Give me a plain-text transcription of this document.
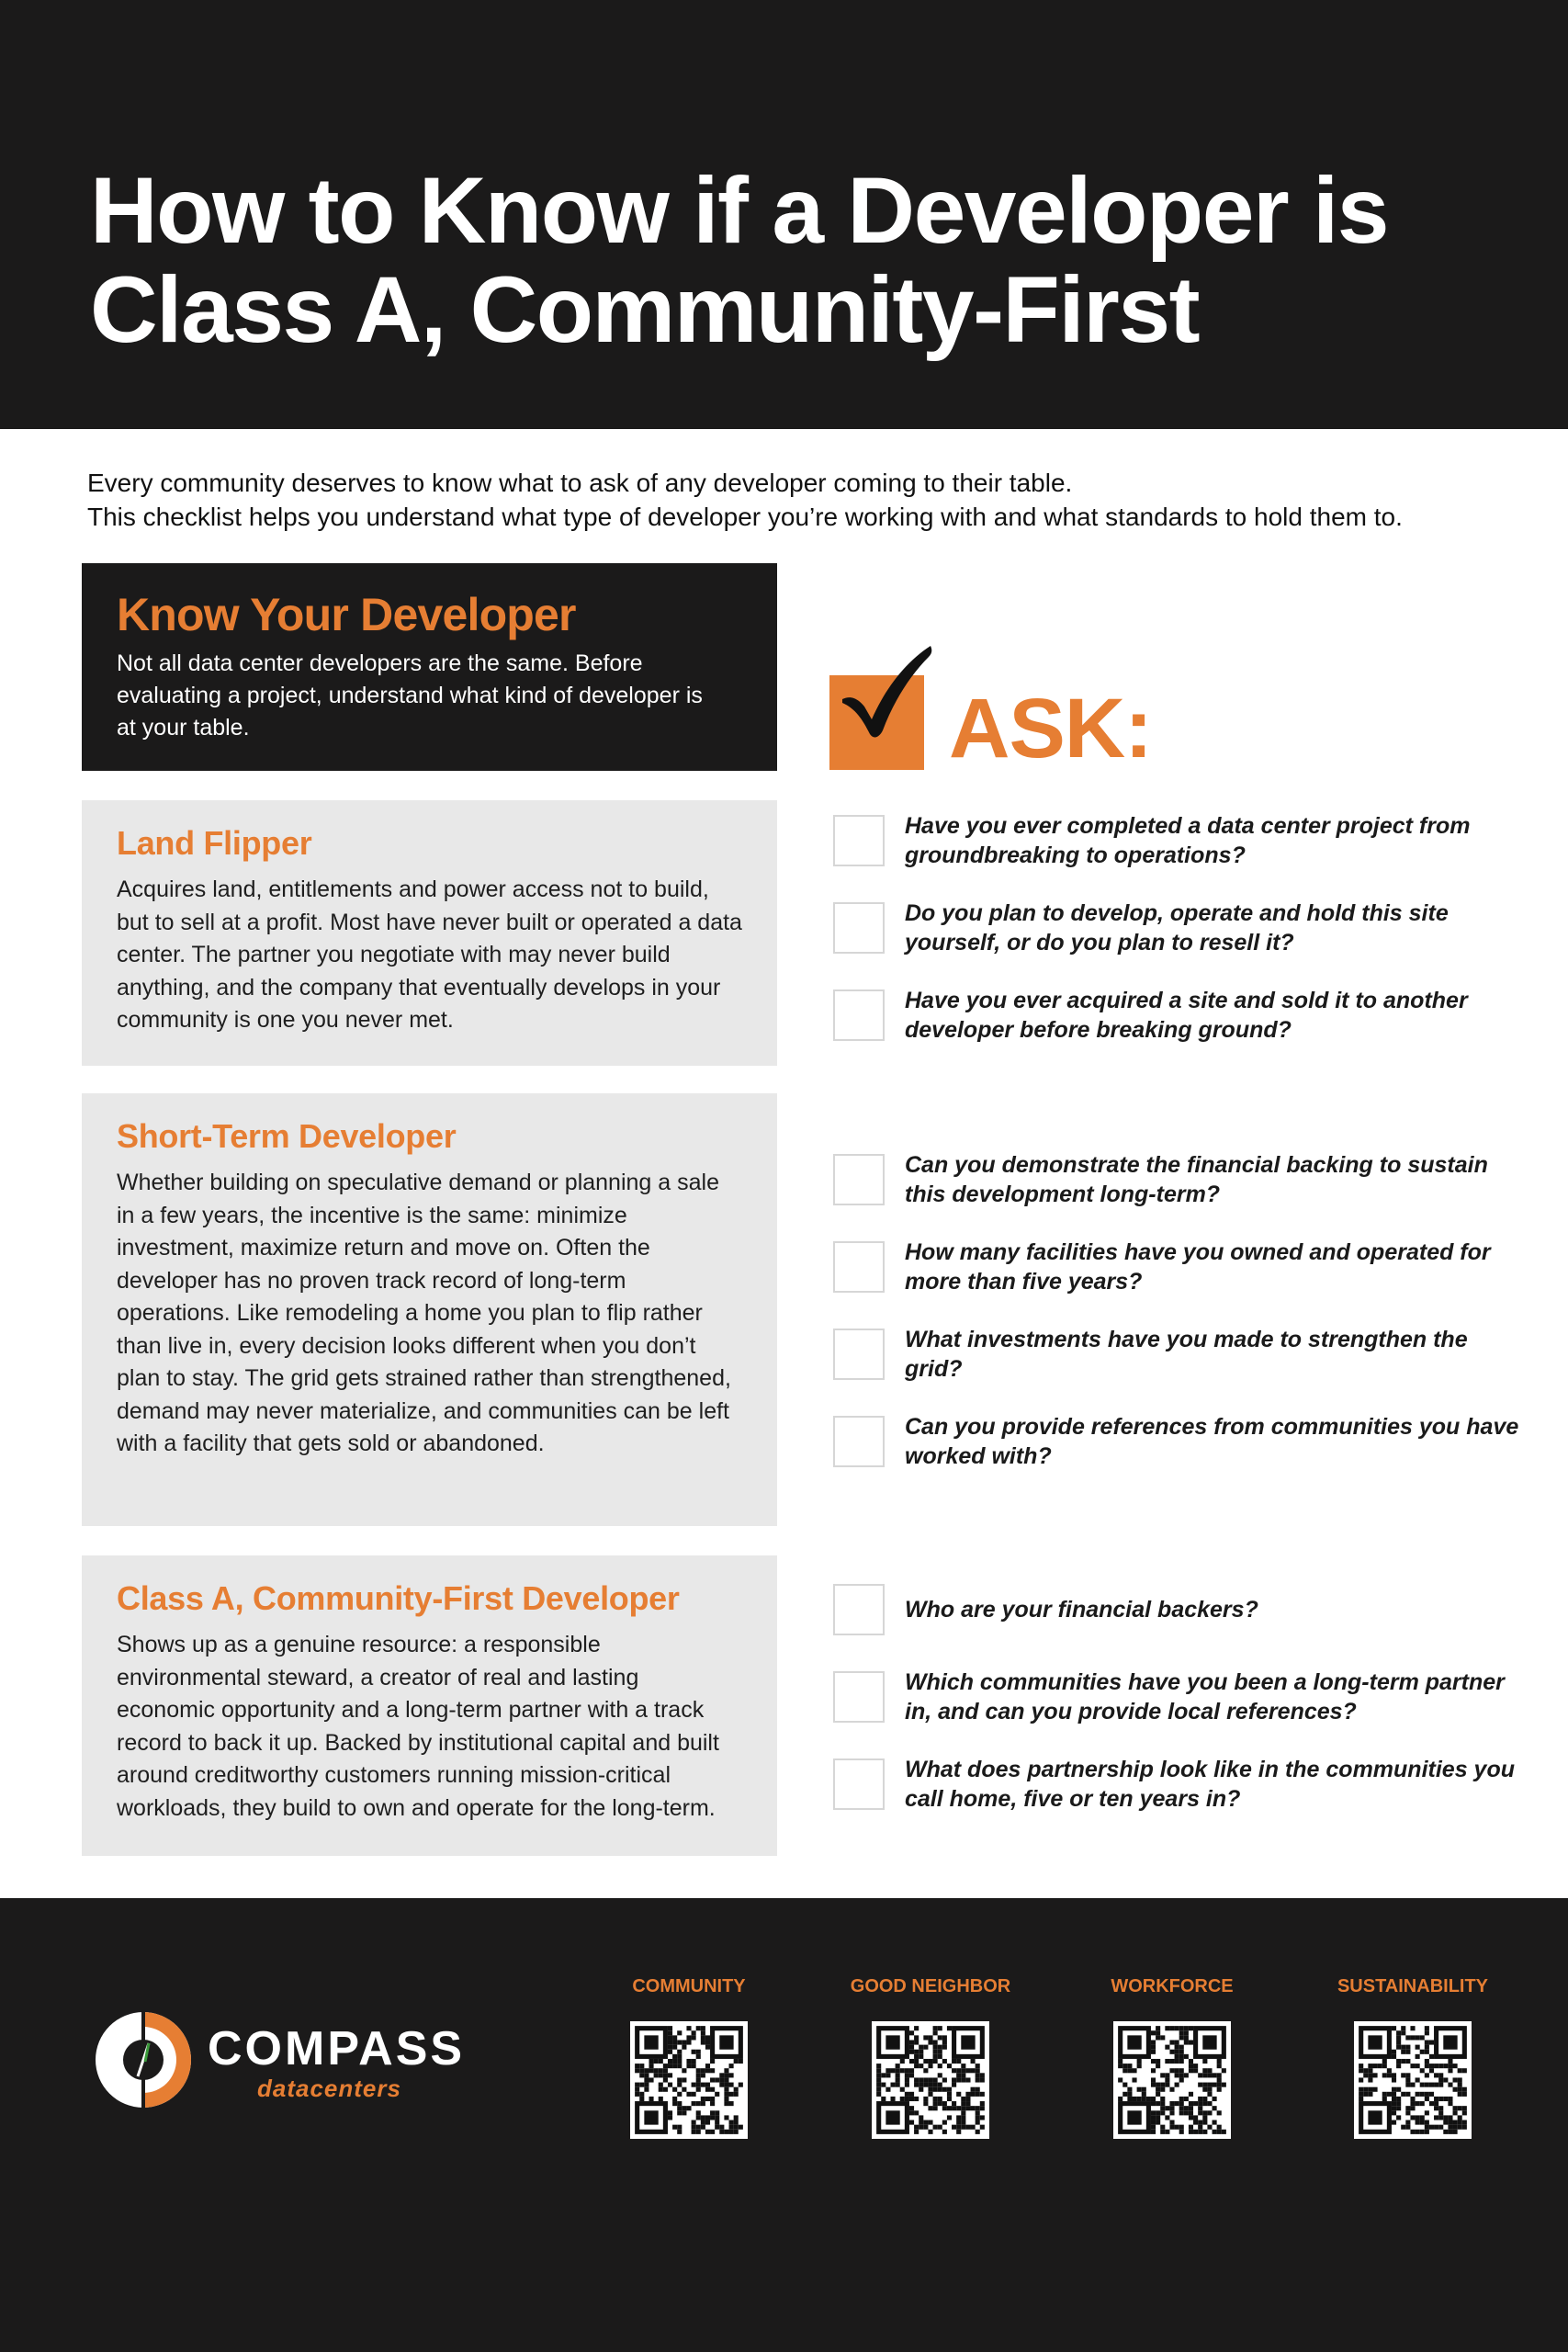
How to Know if a Developer is
Class A, Community-First

Every community deserves to know what to ask of any developer coming to their table.

This checklist helps you understand what type of developer you’re working with and what standards to hold them to.

Know Your Developer

Not all data center developers are the same. Before evaluating a project, understand what kind of developer is at your table.	ASK:
Land Flipper

Acquires land, entitlements and power access not to build, but to sell at a profit. Most have never built or operated a data center. The partner you negotiate with may never build anything, and the company that eventually develops in your community is one you never met.

Short-Term Developer

Whether building on speculative demand or planning a sale in a few years, the incentive is the same: minimize investment, maximize return and move on. Often the developer has no proven track record of long-term operations. Like remodeling a home you plan to flip rather than live in, every decision looks different when you don’t plan to stay. The grid gets strained rather than strengthened, demand may never materialize, and communities can be left with a facility that gets sold or abandoned.

Class A, Community-First Developer

Shows up as a genuine resource: a responsible environmental steward, a creator of real and lasting economic opportunity and a long-term partner with a track record to back it up. Backed by institutional capital and built around creditworthy customers running mission-critical workloads, they build to own and operate for the long-term.

Have you ever completed a data center project from groundbreaking to operations?
Do you plan to develop, operate and hold this site yourself, or do you plan to resell it?
Have you ever acquired a site and sold it to another developer before breaking ground?
Can you demonstrate the financial backing to sustain this development long-term?
How many facilities have you owned and operated for more than five years?
What investments have you made to strengthen the grid?
Can you provide references from communities you have worked with?
Who are your financial backers?
Which communities have you been a long-term partner in, and can you provide local references?
What does partnership look like in the communities you call home, five or ten years in?
COMPASS
datacenters
COMMUNITY	GOOD NEIGHBOR	WORKFORCE	SUSTAINABILITY
